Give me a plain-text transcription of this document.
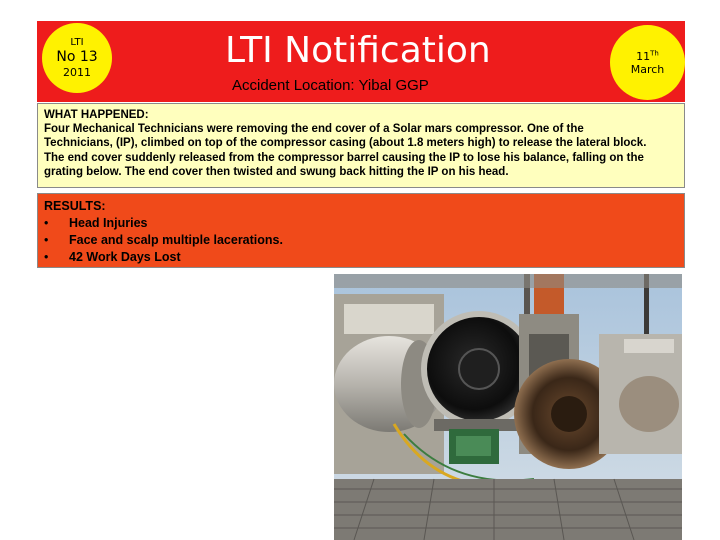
LTI
No 13
2011
LTI Notification
Accident Location: Yibal GGP
11Th
March
WHAT HAPPENED:
Four Mechanical Technicians were removing the end cover of a Solar mars compressor. One of the
Technicians, (IP), climbed on top of the compressor casing (about 1.8 meters high) to release the lateral block.
The end cover suddenly released from the compressor barrel causing the IP to lose his balance, falling on the
grating below. The end cover then twisted and swung back hitting the IP on his head.
RESULTS:
•	Head Injuries
•	Face and scalp multiple lacerations.
•	42 Work Days Lost
